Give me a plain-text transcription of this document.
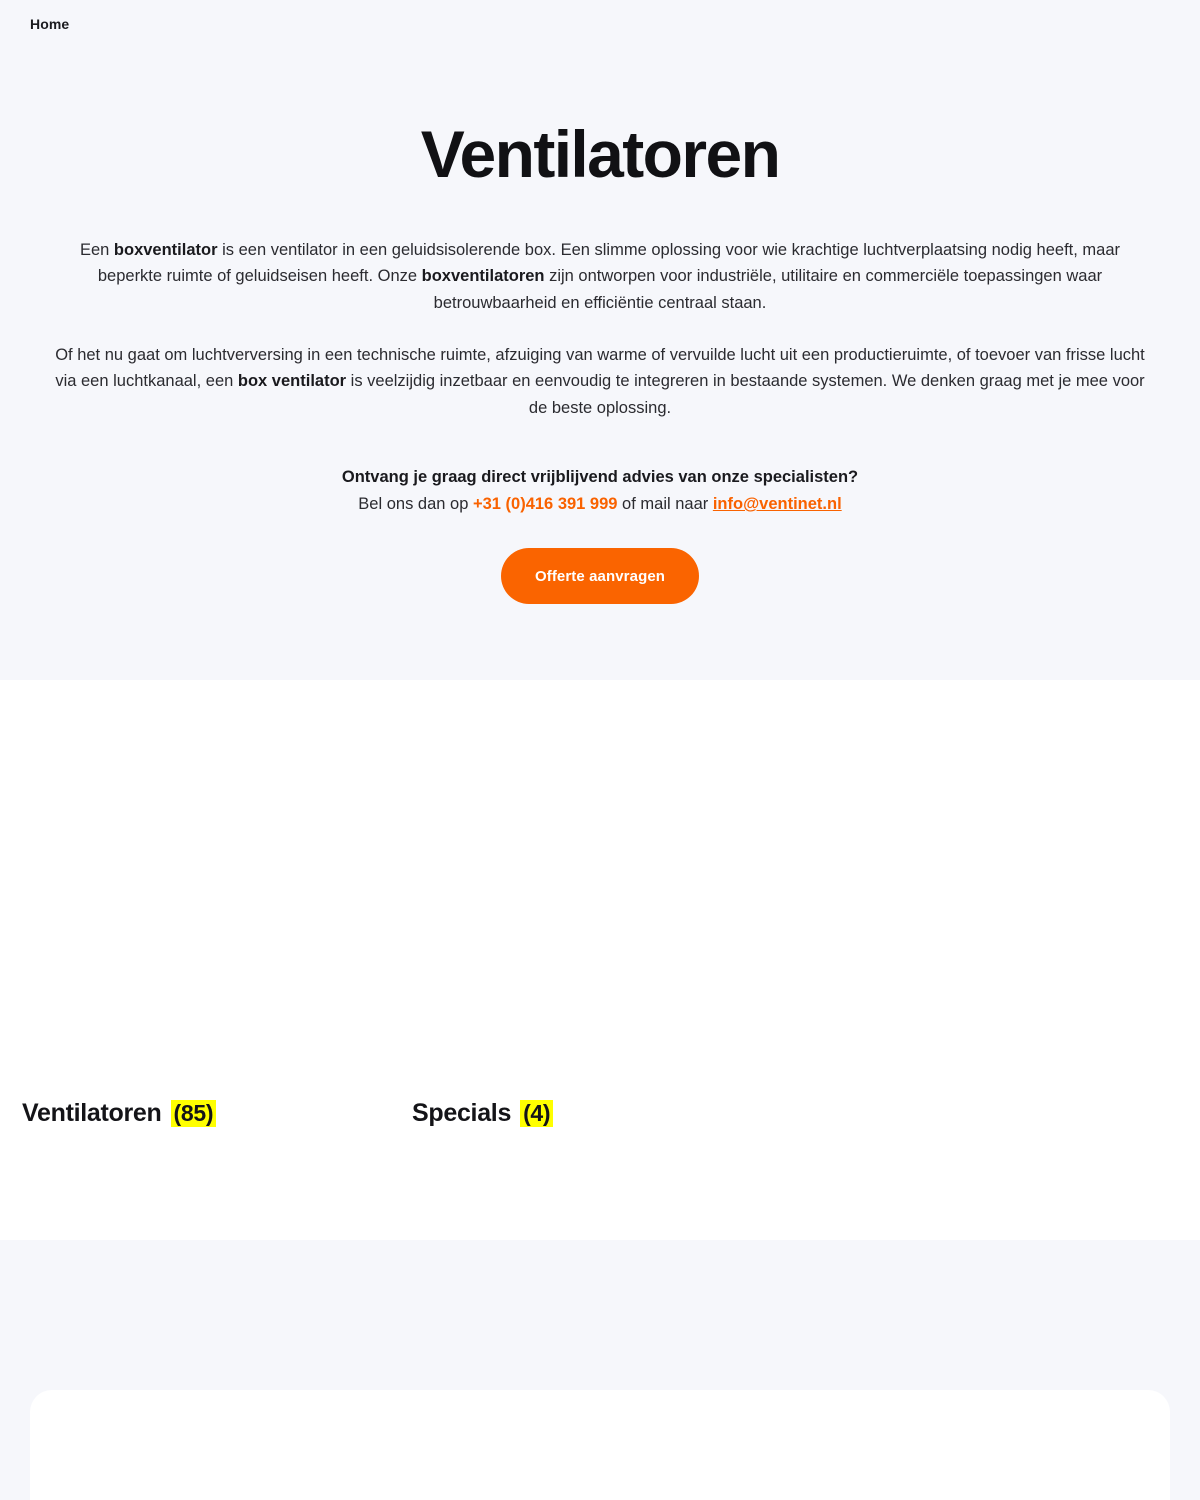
Home
Ventilatoren

Een boxventilator is een ventilator in een geluidsisolerende box. Een slimme oplossing voor wie krachtige luchtverplaatsing nodig heeft, maar beperkte ruimte of geluidseisen heeft. Onze boxventilatoren zijn ontworpen voor industriële, utilitaire en commerciële toepassingen waar betrouwbaarheid en efficiëntie centraal staan.

Of het nu gaat om luchtverversing in een technische ruimte, afzuiging van warme of vervuilde lucht uit een productieruimte, of toevoer van frisse lucht via een luchtkanaal, een box ventilator is veelzijdig inzetbaar en eenvoudig te integreren in bestaande systemen. We denken graag met je mee voor de beste oplossing.

Ontvang je graag direct vrijblijvend advies van onze specialisten?
Bel ons dan op +31 (0)416 391 999 of mail naar info@ventinet.nl
Offerte aanvragen
Ventilatoren (85)	Specials (4)
